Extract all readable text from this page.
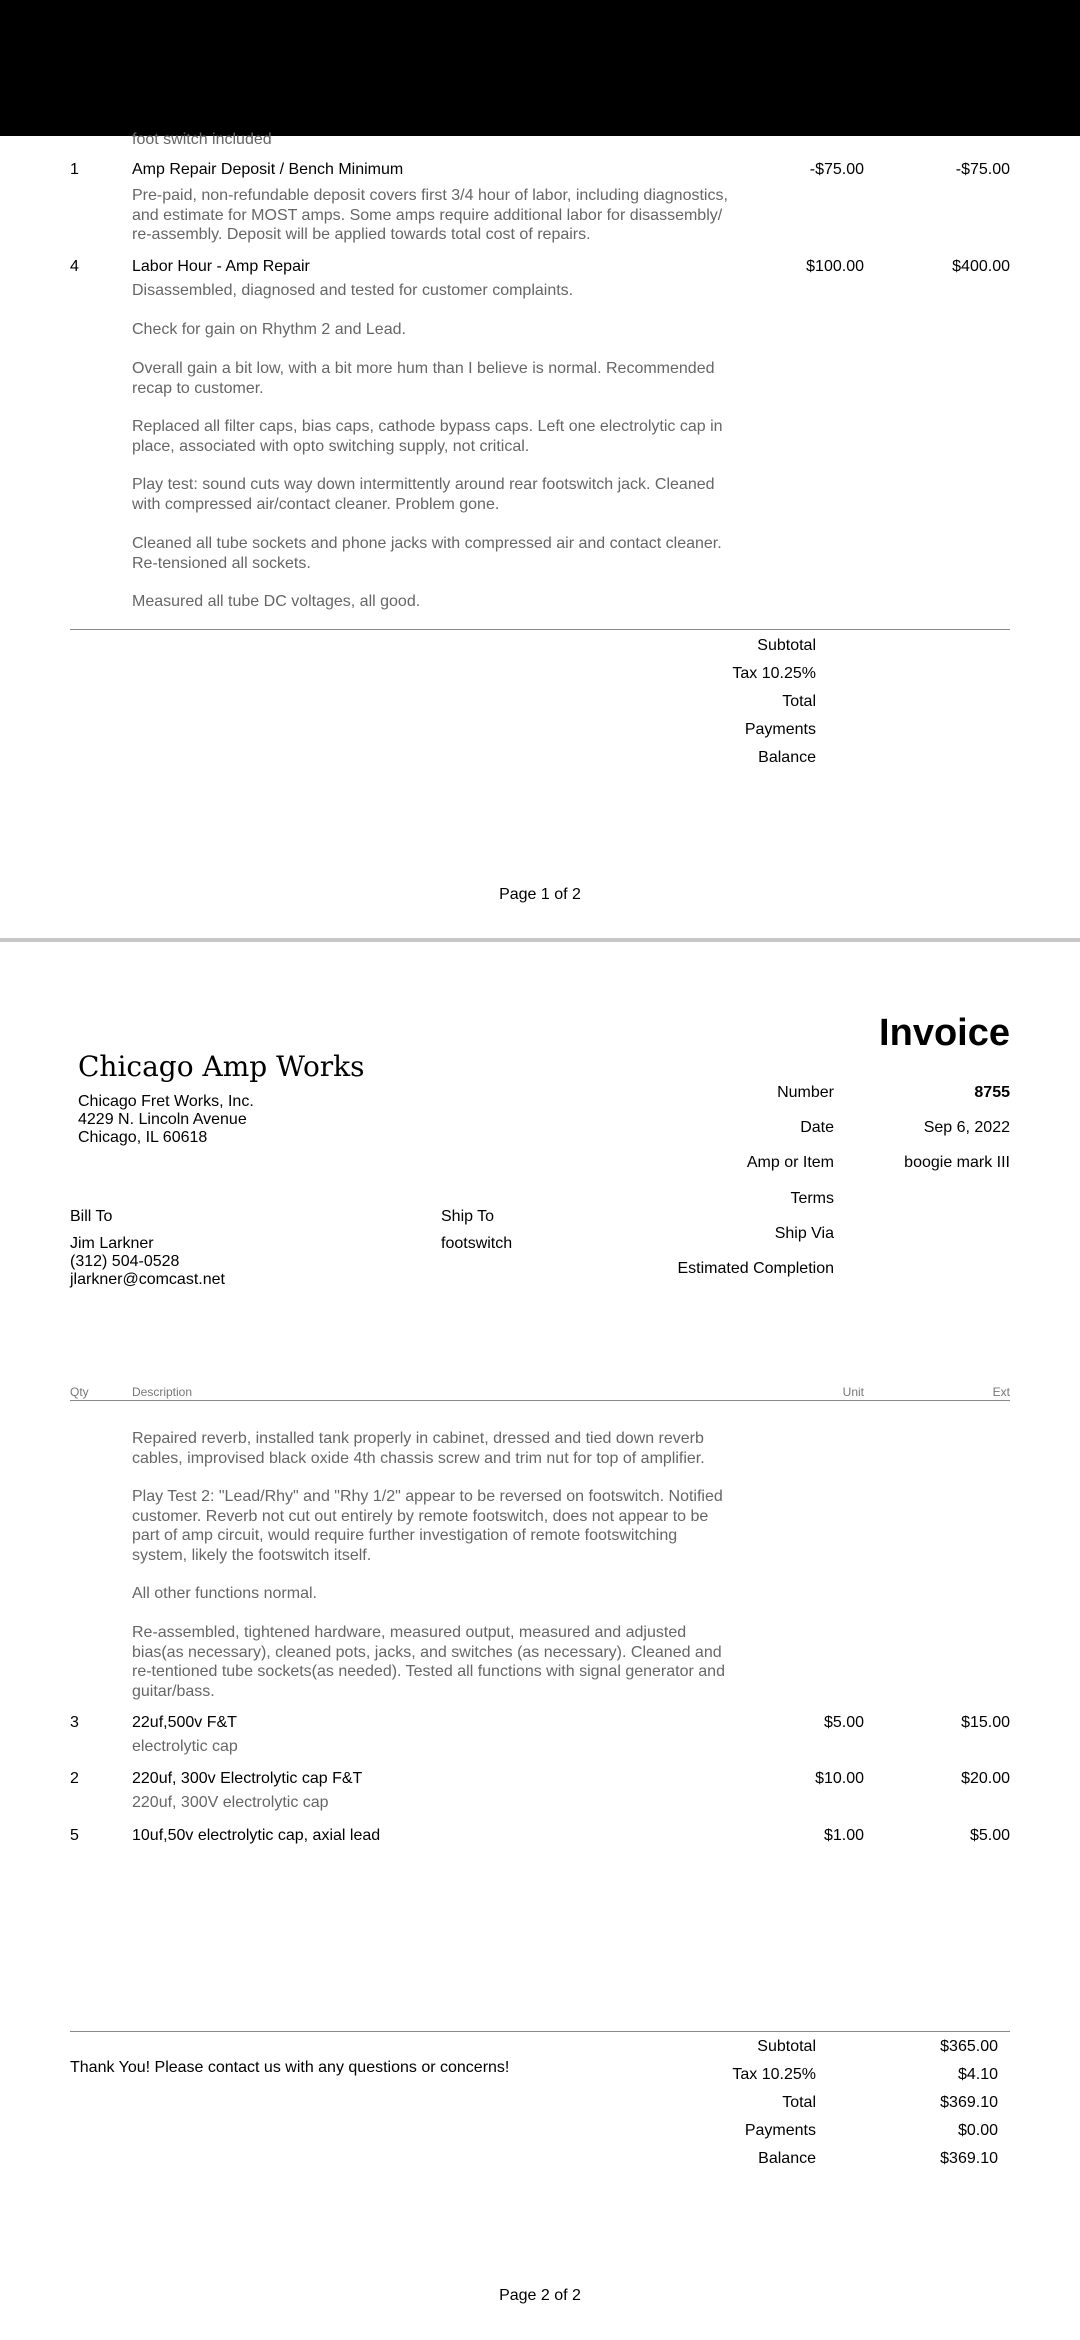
foot switch included
1	Amp Repair Deposit / Bench Minimum	-$75.00	-$75.00
Pre-paid, non-refundable deposit covers first 3/4 hour of labor, including diagnostics, and estimate for MOST amps. Some amps require additional labor for disassembly/ re-assembly. Deposit will be applied towards total cost of repairs.
4	Labor Hour - Amp Repair	$100.00	$400.00
Disassembled, diagnosed and tested for customer complaints.
Check for gain on Rhythm 2 and Lead.
Overall gain a bit low, with a bit more hum than I believe is normal. Recommended recap to customer.
Replaced all filter caps, bias caps, cathode bypass caps. Left one electrolytic cap in place, associated with opto switching supply, not critical.
Play test: sound cuts way down intermittently around rear footswitch jack. Cleaned with compressed air/contact cleaner. Problem gone.
Cleaned all tube sockets and phone jacks with compressed air and contact cleaner. Re-tensioned all sockets.
Measured all tube DC voltages, all good.
Subtotal
Tax 10.25%
Total
Payments
Balance
Page 1 of 2
Invoice
Chicago Amp Works
Chicago Fret Works, Inc.
4229 N. Lincoln Avenue
Chicago, IL 60618
Number	8755
Date	Sep 6, 2022
Amp or Item	boogie mark III
Terms
Ship Via
Estimated Completion
Bill To
Jim Larkner
(312) 504-0528
jlarkner@comcast.net
Ship To
footswitch
Qty	Description	Unit	Ext
Repaired reverb, installed tank properly in cabinet, dressed and tied down reverb cables, improvised black oxide 4th chassis screw and trim nut for top of amplifier.
Play Test 2: "Lead/Rhy" and "Rhy 1/2" appear to be reversed on footswitch. Notified customer. Reverb not cut out entirely by remote footswitch, does not appear to be part of amp circuit, would require further investigation of remote footswitching system, likely the footswitch itself.
All other functions normal.
Re-assembled, tightened hardware, measured output, measured and adjusted bias(as necessary), cleaned pots, jacks, and switches (as necessary). Cleaned and re-tentioned tube sockets(as needed). Tested all functions with signal generator and guitar/bass.
3	22uf,500v F&T	$5.00	$15.00
electrolytic cap
2	220uf, 300v Electrolytic cap F&T	$10.00	$20.00
220uf, 300V electrolytic cap
5	10uf,50v electrolytic cap, axial lead	$1.00	$5.00
Thank You! Please contact us with any questions or concerns!
Subtotal	$365.00
Tax 10.25%	$4.10
Total	$369.10
Payments	$0.00
Balance	$369.10
Page 2 of 2
